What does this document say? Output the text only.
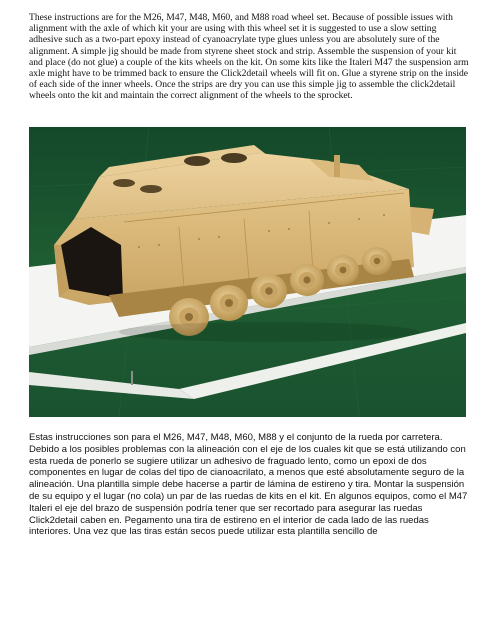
These instructions are for the M26, M47, M48, M60, and M88 road wheel set. Because of possible issues with alignment with the axle of which kit your are using with this wheel set it is suggested to use a slow setting adhesive such as a two-part epoxy instead of cyanoacrylate type glues unless you are absolutely sure of the alignment. A simple jig should be made from styrene sheet stock and strip. Assemble the suspension of your kit and place (do not glue) a couple of the kits wheels on the kit. On some kits like the Italeri M47 the suspension arm axle might have to be trimmed back to ensure the Click2detail wheels will fit on. Glue a styrene strip on the inside of each side of the inner wheels. Once the strips are dry you can use this simple jig to assemble the click2detail wheels onto the kit and maintain the correct alignment of the wheels to the sprocket.

Estas instrucciones son para el M26, M47, M48, M60, M88 y el conjunto de la rueda por carretera. Debido a los posibles problemas con la alineación con el eje de los cuales kit que se está utilizando con esta rueda de ponerlo se sugiere utilizar un adhesivo de fraguado lento, como un epoxi de dos componentes en lugar de colas del tipo de cianoacrilato, a menos que esté absolutamente seguro de la alineación. Una plantilla simple debe hacerse a partir de lámina de estireno y tira. Montar la suspensión de su equipo y el lugar (no cola) un par de las ruedas de kits en el kit. En algunos equipos, como el M47 Italeri el eje del brazo de suspensión podría tener que ser recortado para asegurar las ruedas Click2detail caben en. Pegamento una tira de estireno en el interior de cada lado de las ruedas interiores. Una vez que las tiras están secos puede utilizar esta plantilla sencillo de
